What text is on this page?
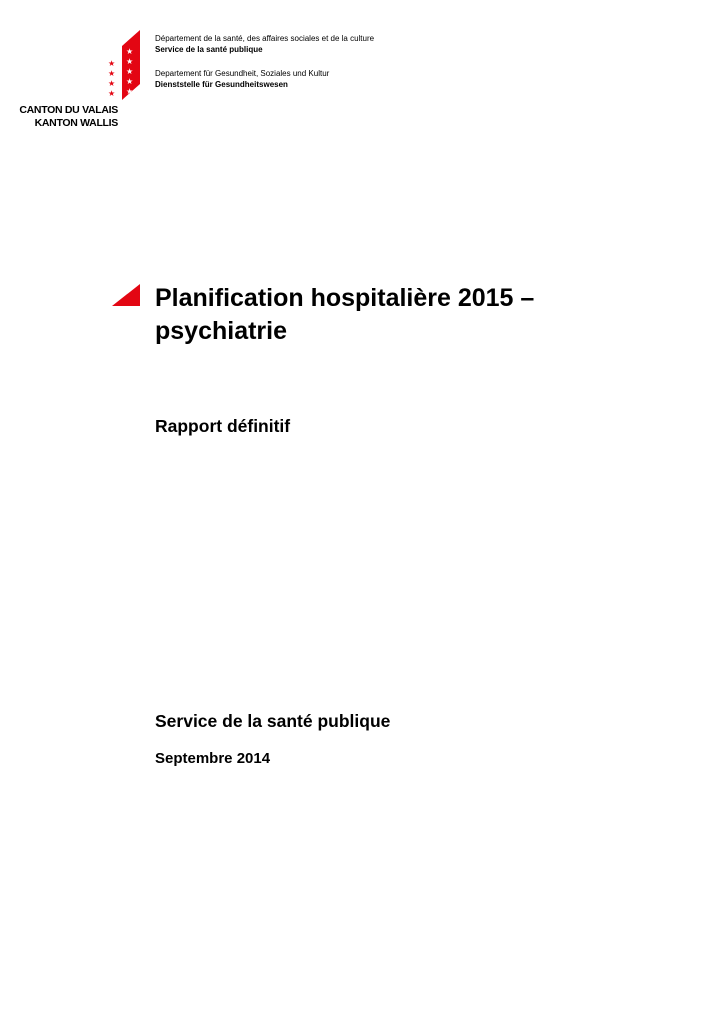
★
★
★
★
★
★
★
★
★
CANTON DU VALAIS
KANTON WALLIS
Département de la santé, des affaires sociales et de la culture
Service de la santé publique
Departement für Gesundheit, Soziales und Kultur
Dienststelle für Gesundheitswesen
Planification hospitalière 2015 –
psychiatrie
Rapport définitif
Service de la santé publique
Septembre 2014
